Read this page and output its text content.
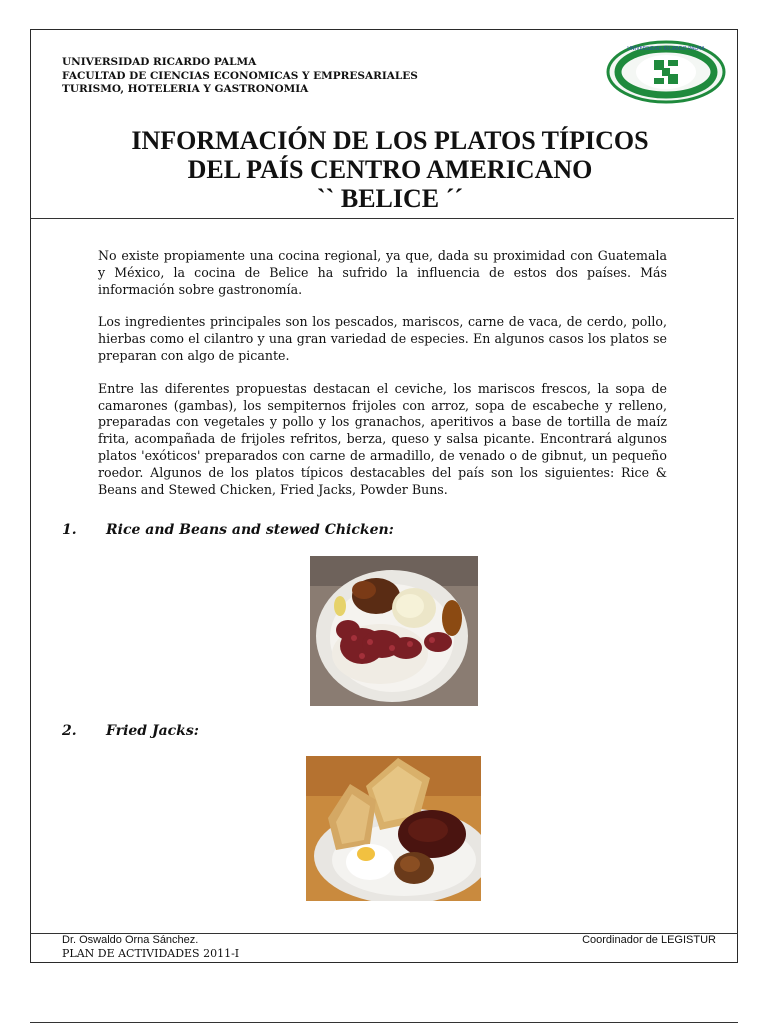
UNIVERSIDAD RICARDO PALMA
FACULTAD DE CIENCIAS ECONOMICAS Y EMPRESARIALES
TURISMO, HOTELERIA Y GASTRONOMIA
UNIVERSIDAD RICARDO PALMA
INFORMACIÓN DE LOS PLATOS TÍPICOS
DEL PAÍS CENTRO AMERICANO
`` BELICE ´´

No existe propiamente una cocina regional, ya que, dada su proximidad con Guatemala y México, la cocina de Belice ha sufrido la influencia de estos dos países. Más información sobre gastronomía.

Los ingredientes principales son los pescados, mariscos, carne de vaca, de cerdo, pollo, hierbas como el cilantro y una gran variedad de especies. En algunos casos los platos se preparan con algo de picante.

Entre las diferentes propuestas destacan el ceviche, los mariscos frescos, la sopa de camarones (gambas), los sempiternos frijoles con arroz, sopa de escabeche y relleno, preparadas con vegetales y pollo y los granachos, aperitivos a base de tortilla de maíz frita, acompañada de frijoles refritos, berza, queso y salsa picante. Encontrará algunos platos 'exóticos' preparados con carne de armadillo, de venado o de gibnut, un pequeño roedor. Algunos de los platos típicos destacables del país son los siguientes: Rice & Beans and Stewed Chicken, Fried Jacks, Powder Buns.

1. Rice and Beans and stewed Chicken:
2. Fried Jacks:
Dr. Oswaldo Orna Sánchez.
PLAN DE ACTIVIDADES 2011-I
Coordinador de LEGISTUR
